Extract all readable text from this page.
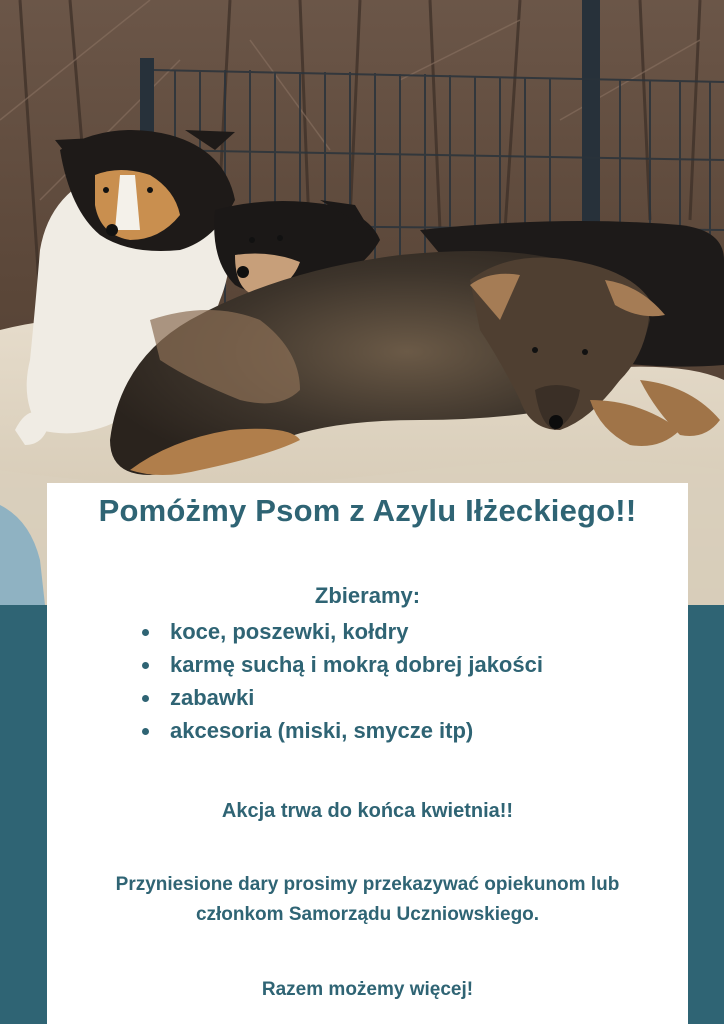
Pomóżmy Psom z Azylu Iłżeckiego!!
Zbieramy:
koce, poszewki, kołdry
karmę suchą i mokrą dobrej jakości
zabawki
akcesoria (miski, smycze itp)
Akcja trwa do końca kwietnia!!
Przyniesione dary prosimy przekazywać opiekunom lub
członkom Samorządu Uczniowskiego.
Razem możemy więcej!
